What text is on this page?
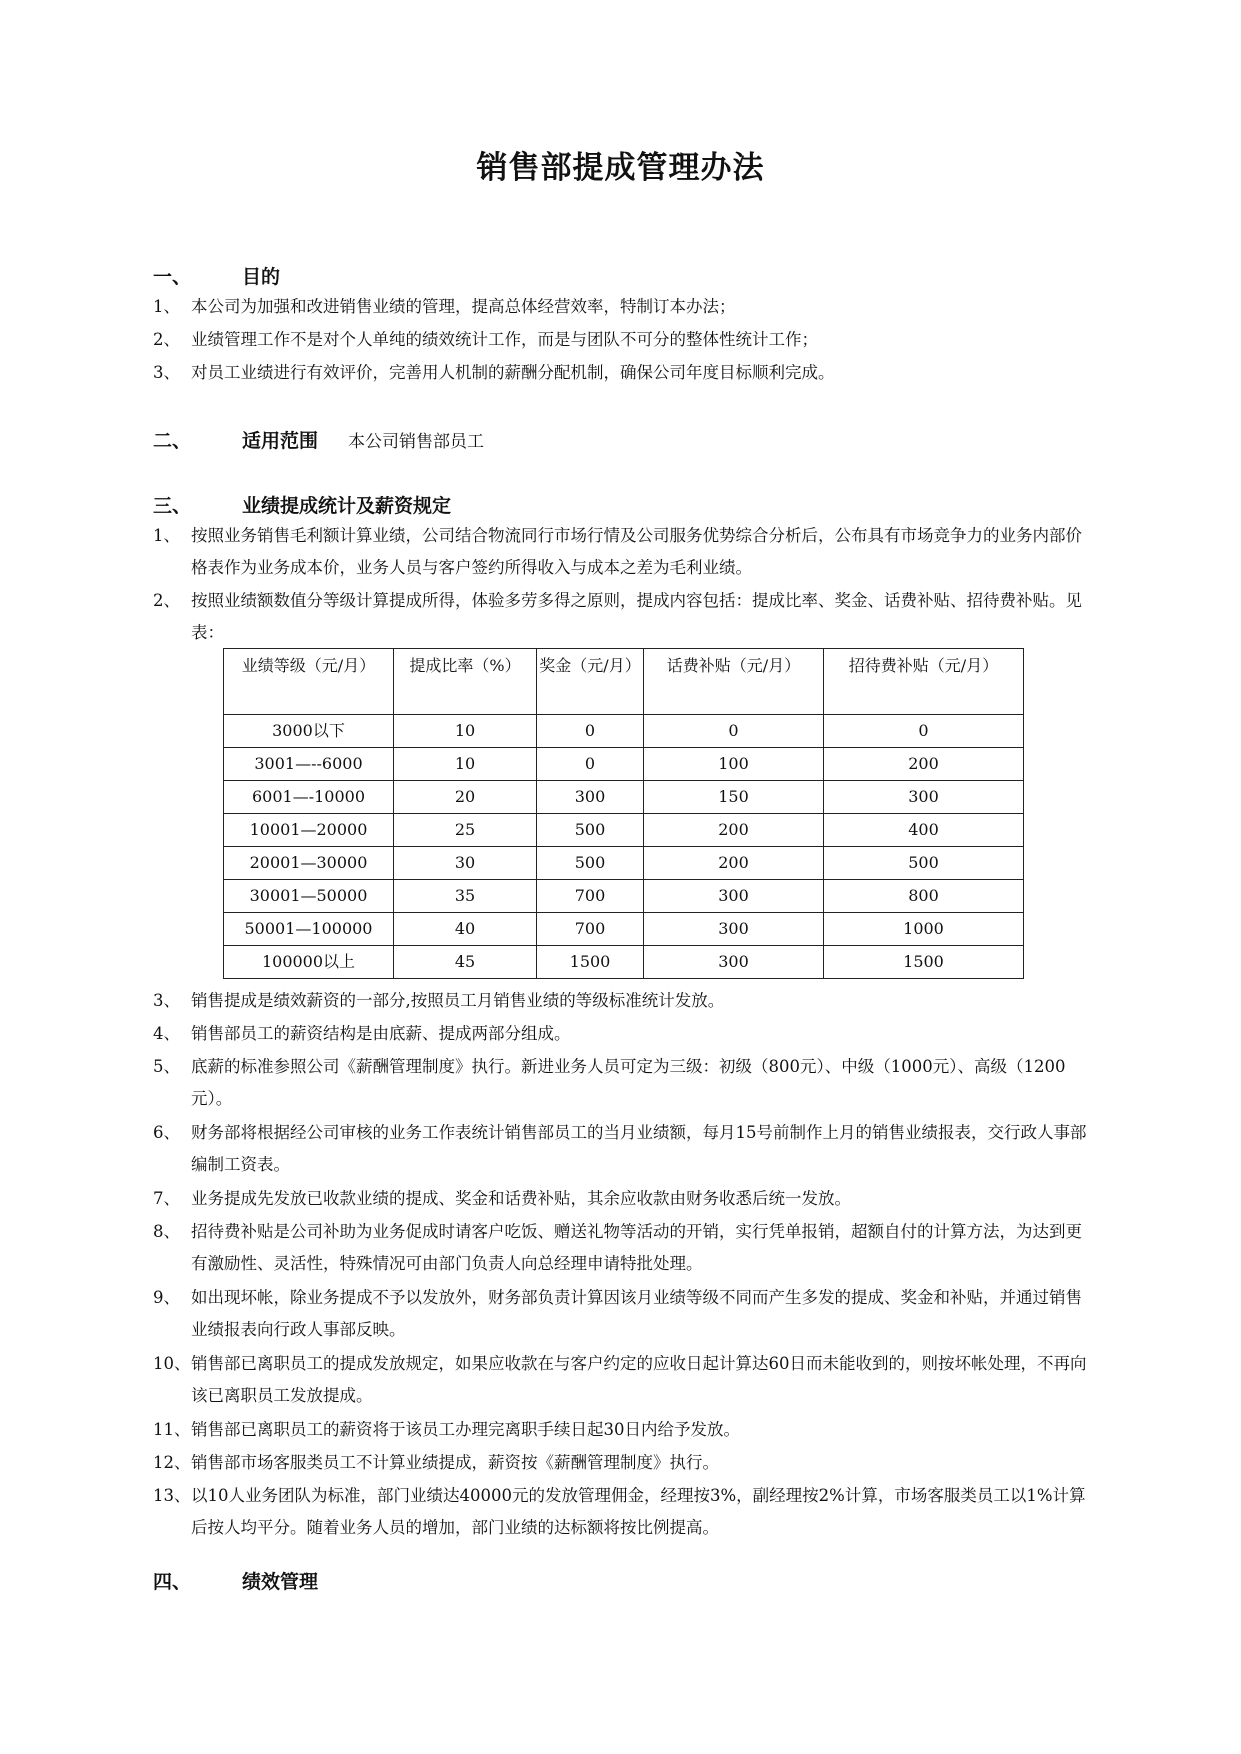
销售部提成管理办法
一、	目的
1、 本公司为加强和改进销售业绩的管理，提高总体经营效率，特制订本办法；
2、 业绩管理工作不是对个人单纯的绩效统计工作，而是与团队不可分的整体性统计工作；
3、 对员工业绩进行有效评价，完善用人机制的薪酬分配机制，确保公司年度目标顺利完成。
二、	适用范围 本公司销售部员工
三、	业绩提成统计及薪资规定
1、 按照业务销售毛利额计算业绩，公司结合物流同行市场行情及公司服务优势综合分析后，公布具有市场竞争力的业务内部价格表作为业务成本价，业务人员与客户签约所得收入与成本之差为毛利业绩。
2、 按照业绩额数值分等级计算提成所得，体验多劳多得之原则，提成内容包括：提成比率、奖金、话费补贴、招待费补贴。见表：
业绩等级（元/月）	提成比率（%）	奖金（元/月）	话费补贴（元/月）	招待费补贴（元/月）
3000以下	10	0	0	0
3001—--6000	10	0	100	200
6001—-10000	20	300	150	300
10001—20000	25	500	200	400
20001—30000	30	500	200	500
30001—50000	35	700	300	800
50001—100000	40	700	300	1000
100000以上	45	1500	300	1500
3、 销售提成是绩效薪资的一部分,按照员工月销售业绩的等级标准统计发放。
4、 销售部员工的薪资结构是由底薪、提成两部分组成。
5、 底薪的标准参照公司《薪酬管理制度》执行。新进业务人员可定为三级：初级（800元）、中级（1000元）、高级（1200元）。
6、 财务部将根据经公司审核的业务工作表统计销售部员工的当月业绩额，每月15号前制作上月的销售业绩报表，交行政人事部编制工资表。
7、 业务提成先发放已收款业绩的提成、奖金和话费补贴，其余应收款由财务收悉后统一发放。
8、 招待费补贴是公司补助为业务促成时请客户吃饭、赠送礼物等活动的开销，实行凭单报销，超额自付的计算方法，为达到更有激励性、灵活性，特殊情况可由部门负责人向总经理申请特批处理。
9、 如出现坏帐，除业务提成不予以发放外，财务部负责计算因该月业绩等级不同而产生多发的提成、奖金和补贴，并通过销售业绩报表向行政人事部反映。
10、 销售部已离职员工的提成发放规定，如果应收款在与客户约定的应收日起计算达60日而未能收到的，则按坏帐处理，不再向该已离职员工发放提成。
11、 销售部已离职员工的薪资将于该员工办理完离职手续日起30日内给予发放。
12、 销售部市场客服类员工不计算业绩提成，薪资按《薪酬管理制度》执行。
13、 以10人业务团队为标准，部门业绩达40000元的发放管理佣金，经理按3%，副经理按2%计算，市场客服类员工以1%计算后按人均平分。随着业务人员的增加，部门业绩的达标额将按比例提高。
四、	绩效管理
